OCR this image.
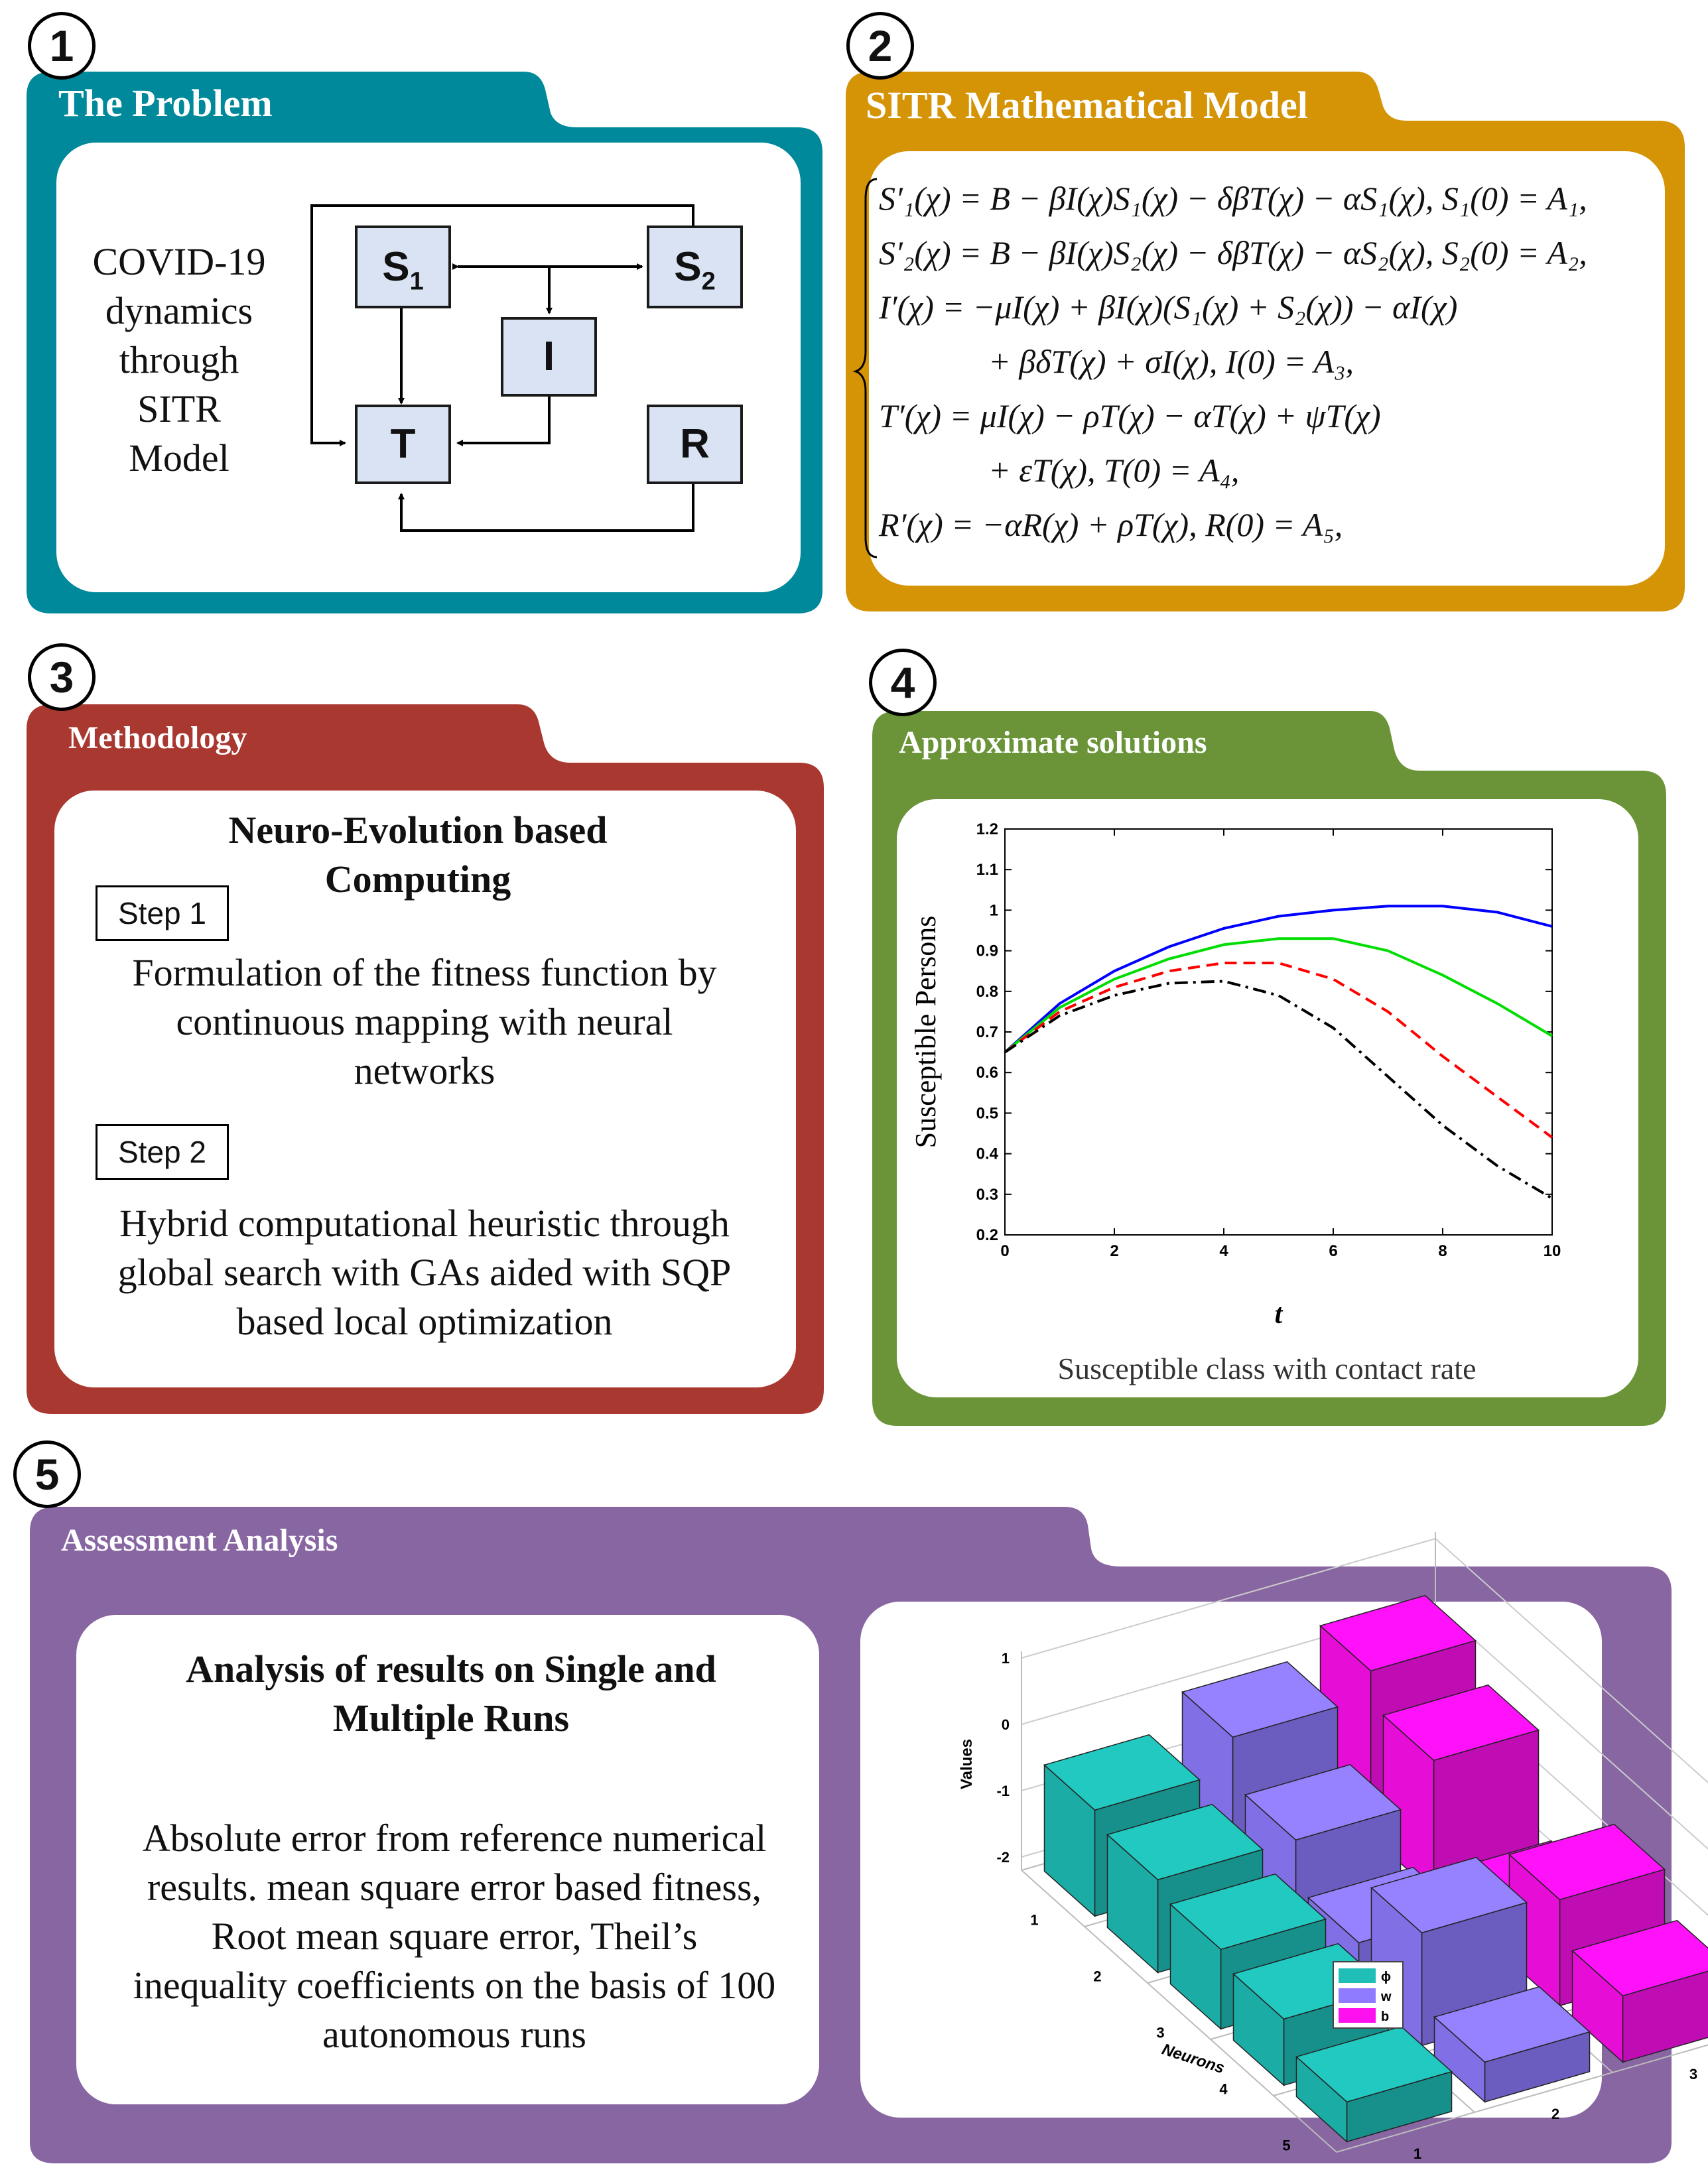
1	2
3	4
5
The Problem	SITR Mathematical Model
Methodology	Approximate solutions
Assessment Analysis
COVID-19
dynamics
through
SITR
Model
$S_1$	$S_2$
I
T	R
S′₁(χ) = B − βI(χ)S₁(χ) − δβT(χ) − αS₁(χ), S₁(0) = A₁,
S′₂(χ) = B − βI(χ)S₂(χ) − δβT(χ) − αS₂(χ), S₂(0) = A₂,
I′(χ) = −μI(χ) + βI(χ)(S₁(χ) + S₂(χ)) − αI(χ)
+ βδT(χ) + σI(χ), I(0) = A₃,
T′(χ) = μI(χ) − ρT(χ) − αT(χ) + ψT(χ)
+ εT(χ), T(0) = A₄,
R′(χ) = −αR(χ) + ρT(χ), R(0) = A₅,
Neuro-Evolution based
Computing
Step 1
Formulation of the fitness function by
continuous mapping with neural
networks
Step 2
Hybrid computational heuristic through
global search with GAs aided with SQP
based local optimization
0.2
0.3
0.4
0.5
0.6
0.7
0.8
0.9
1
1.1
1.2
0	2	4	6	8	10
t
Susceptible Persons
Susceptible class with contact rate
Analysis of results on Single and
Multiple Runs
Absolute error from reference numerical
results. mean square error based fitness,
Root mean square error, Theil’s
inequality coefficients on the basis of 100
autonomous runs
1
0
-1
-2
1
2
3
4
5	1
2
3
Neurons
Values
ϕ
w
b
